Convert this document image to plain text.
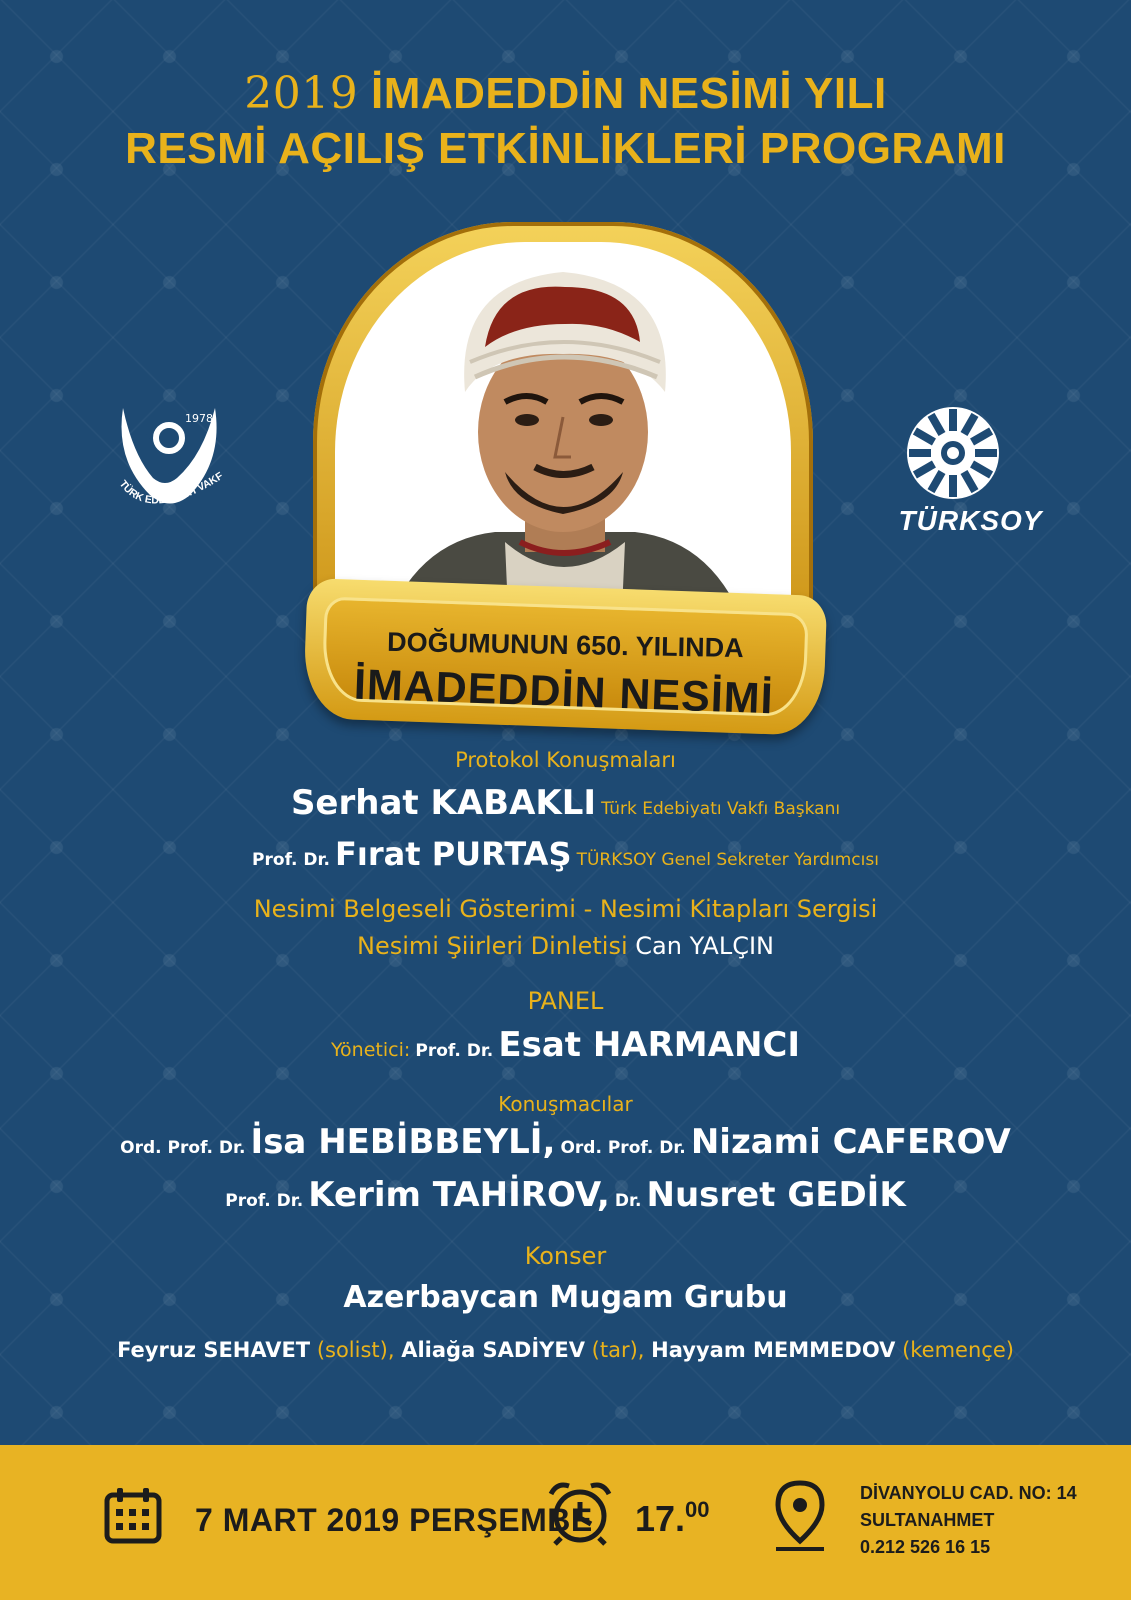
2019 İMADEDDİN NESİMİ YILI
RESMİ AÇILIŞ ETKİNLİKLERİ PROGRAMI
1978
TÜRK EDEBİYATI VAKF
TÜRKSOY
DOĞUMUNUN 650. YILINDA
İMADEDDİN NESİMİ
Protokol Konuşmaları
Serhat KABAKLI Türk Edebiyatı Vakfı Başkanı
Prof. Dr. Fırat PURTAŞ TÜRKSOY Genel Sekreter Yardımcısı
Nesimi Belgeseli Gösterimi - Nesimi Kitapları Sergisi
Nesimi Şiirleri Dinletisi Can YALÇIN
PANEL
Yönetici: Prof. Dr. Esat HARMANCI
Konuşmacılar
Ord. Prof. Dr. İsa HEBİBBEYLİ, Ord. Prof. Dr. Nizami CAFEROV
Prof. Dr. Kerim TAHİROV, Dr. Nusret GEDİK
Konser
Azerbaycan Mugam Grubu
Feyruz SEHAVET (solist), Aliağa SADİYEV (tar), Hayyam MEMMEDOV (kemençe)
7 MART 2019 PERŞEMBE 17.00
DİVANYOLU CAD. NO: 14
SULTANAHMET
0.212 526 16 15
